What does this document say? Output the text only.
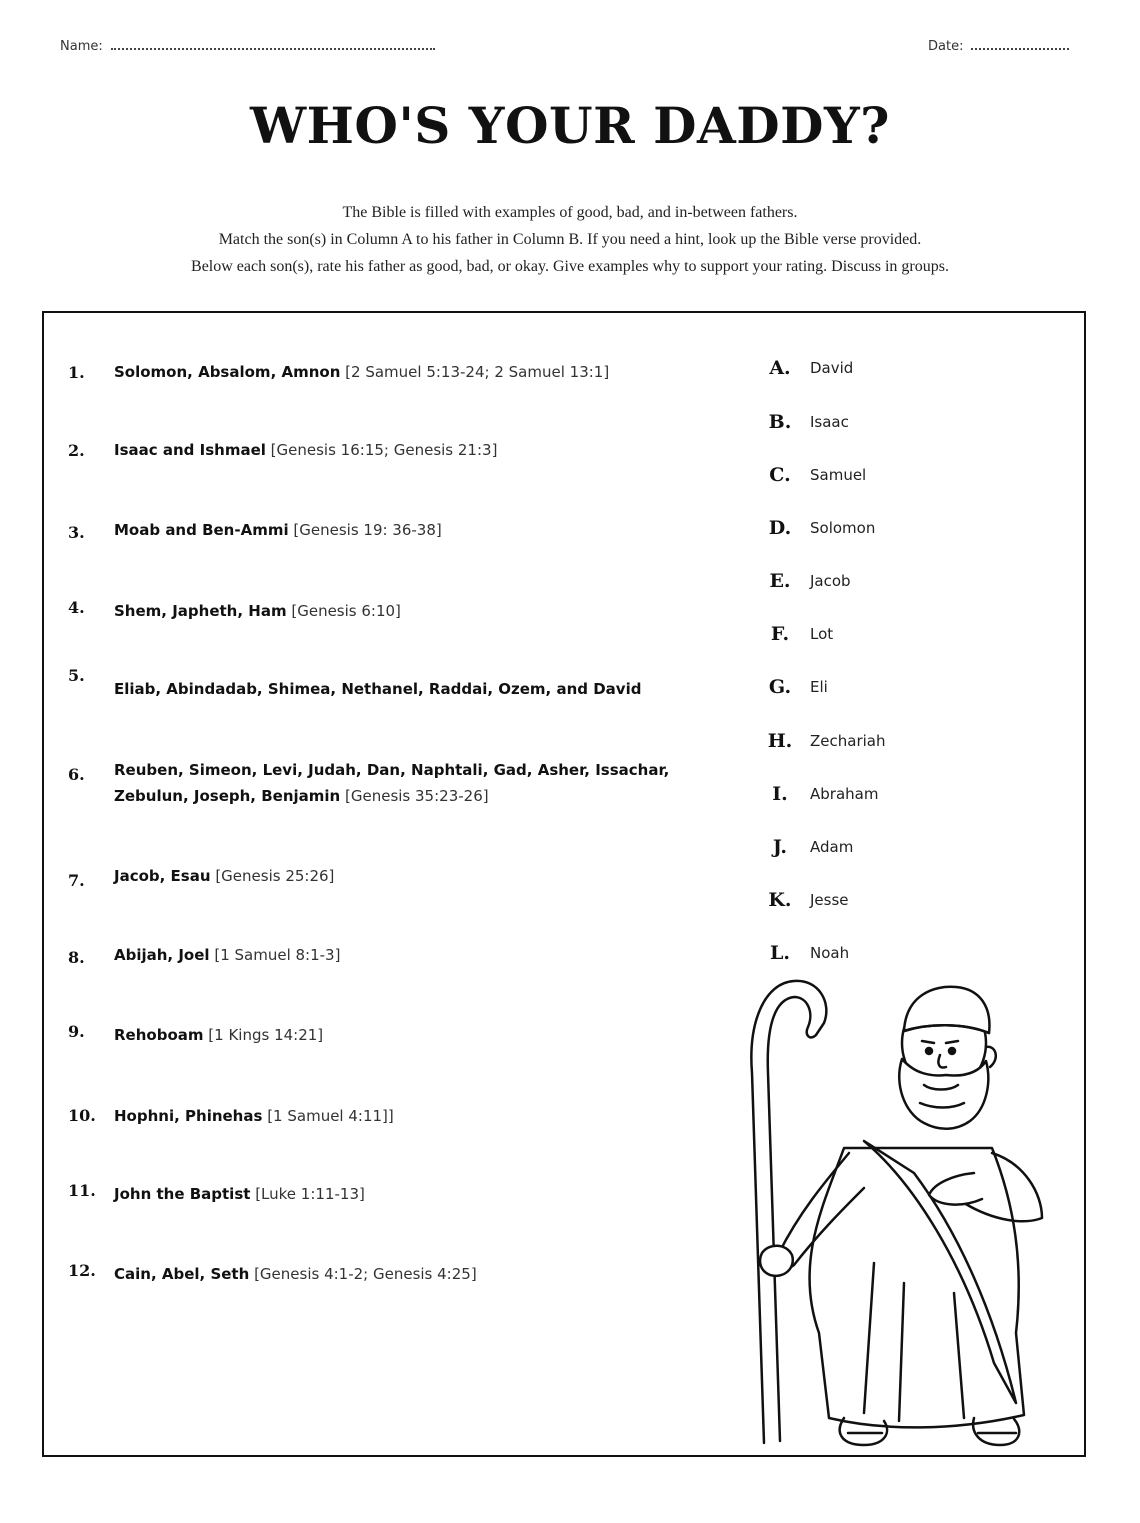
Name:	Date:
WHO'S YOUR DADDY?
The Bible is filled with examples of good, bad, and in-between fathers.
Match the son(s) in Column A to his father in Column B. If you need a hint, look up the Bible verse provided.
Below each son(s), rate his father as good, bad, or okay. Give examples why to support your rating. Discuss in groups.
1. Solomon, Absalom, Amnon [2 Samuel 5:13-24; 2 Samuel 13:1]
2. Isaac and Ishmael [Genesis 16:15; Genesis 21:3]
3. Moab and Ben-Ammi [Genesis 19: 36-38]
4. Shem, Japheth, Ham [Genesis 6:10]
5.
Eliab, Abindadab, Shimea, Nethanel, Raddai, Ozem, and David
6. Reuben, Simeon, Levi, Judah, Dan, Naphtali, Gad, Asher, Issachar,
Zebulun, Joseph, Benjamin [Genesis 35:23-26]
7. Jacob, Esau [Genesis 25:26]
8. Abijah, Joel [1 Samuel 8:1-3]
9. Rehoboam [1 Kings 14:21]
10. Hophni, Phinehas [1 Samuel 4:11]]
11. John the Baptist [Luke 1:11-13]
12. Cain, Abel, Seth [Genesis 4:1-2; Genesis 4:25]
A. David
B. Isaac
C. Samuel
D. Solomon
E. Jacob
F.	Lot
G. Eli
H. Zechariah
I.	Abraham
J.	Adam
K. Jesse
L. Noah
